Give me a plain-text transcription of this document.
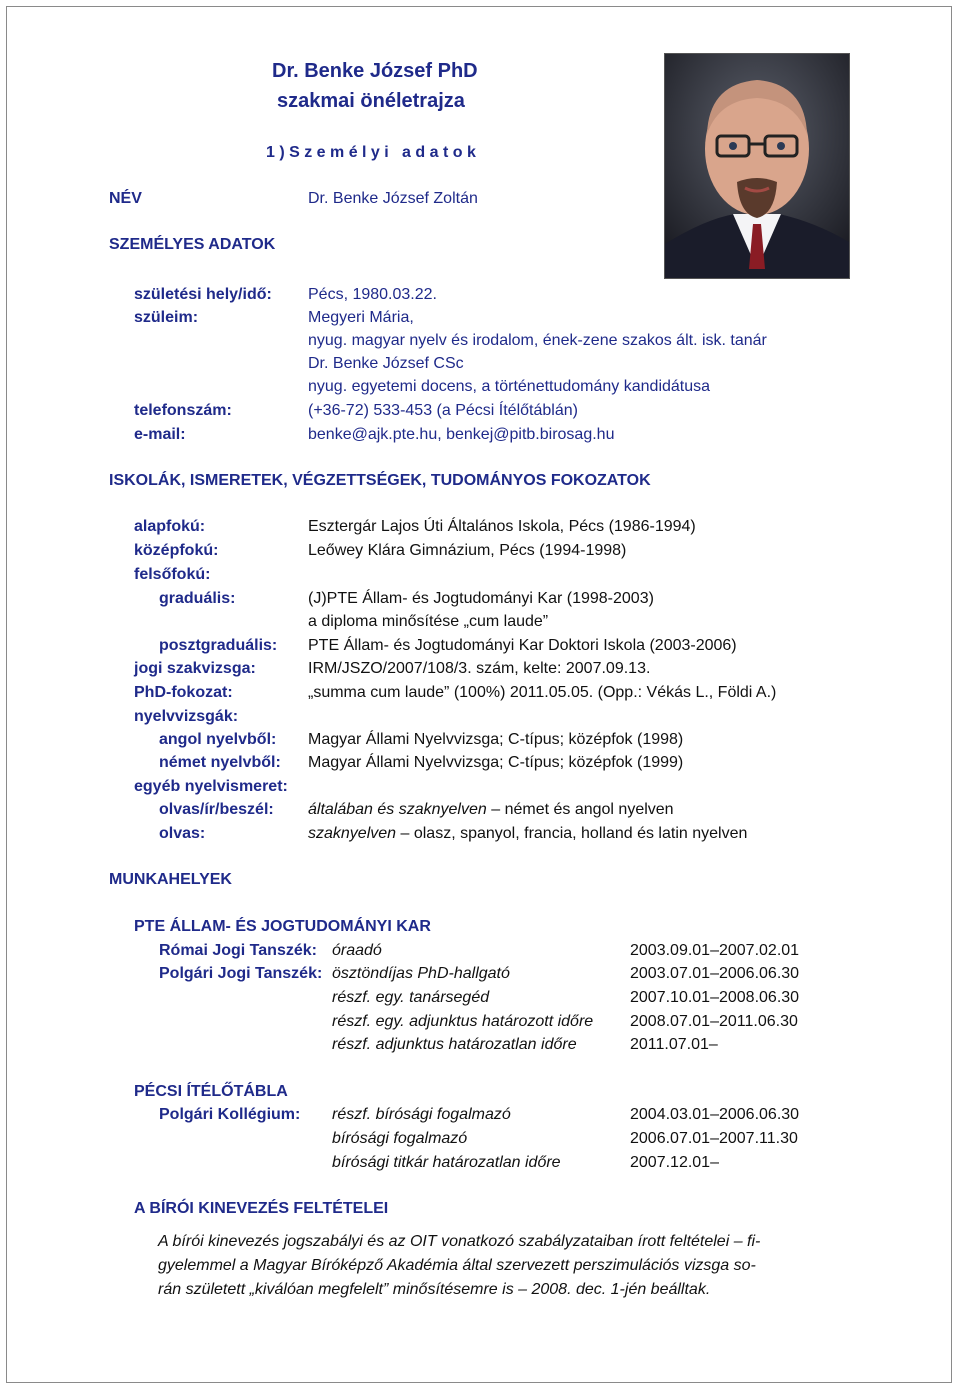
Dr. Benke József PhD
szakmai önéletrajza
1 ) S z e m é l y i   a d a t o k
NÉV	Dr. Benke József Zoltán
SZEMÉLYES ADATOK
születési hely/idő: Pécs, 1980.03.22.
szüleim:	Megyeri Mária,
nyug. magyar nyelv és irodalom, ének-zene szakos ált. isk. tanár
Dr. Benke József CSc
nyug. egyetemi docens, a történettudomány kandidátusa
telefonszám:	(+36-72) 533-453 (a Pécsi Ítélőtáblán)
e-mail:	benke@ajk.pte.hu, benkej@pitb.birosag.hu
ISKOLÁK, ISMERETEK, VÉGZETTSÉGEK, TUDOMÁNYOS FOKOZATOK
alapfokú:	Esztergár Lajos Úti Általános Iskola, Pécs (1986-1994)
középfokú:	Leőwey Klára Gimnázium, Pécs (1994-1998)
felsőfokú:
graduális:	(J)PTE Állam- és Jogtudományi Kar (1998-2003)
a diploma minősítése „cum laude”
posztgraduális: PTE Állam- és Jogtudományi Kar Doktori Iskola (2003-2006)
jogi szakvizsga:	IRM/JSZO/2007/108/3. szám, kelte: 2007.09.13.
PhD-fokozat:	„summa cum laude” (100%) 2011.05.05. (Opp.: Vékás L., Földi A.)
nyelvvizsgák:
angol nyelvből: Magyar Állami Nyelvvizsga; C-típus; középfok (1998)
német nyelvből: Magyar Állami Nyelvvizsga; C-típus; középfok (1999)
egyéb nyelvismeret:
olvas/ír/beszél: általában és szaknyelven – német és angol nyelven
olvas:	szaknyelven – olasz, spanyol, francia, holland és latin nyelven
MUNKAHELYEK
PTE ÁLLAM- ÉS JOGTUDOMÁNYI KAR
Római Jogi Tanszék: óraadó	2003.09.01–2007.02.01
Polgári Jogi Tanszék: ösztöndíjas PhD-hallgató	2003.07.01–2006.06.30
részf. egy. tanársegéd	2007.10.01–2008.06.30
részf. egy. adjunktus határozott időre 2008.07.01–2011.06.30
részf. adjunktus határozatlan időre	2011.07.01–
PÉCSI ÍTÉLŐTÁBLA
Polgári Kollégium: részf. bírósági fogalmazó	2004.03.01–2006.06.30
bírósági fogalmazó	2006.07.01–2007.11.30
bírósági titkár határozatlan időre	2007.12.01–
A BÍRÓI KINEVEZÉS FELTÉTELEI
A bírói kinevezés jogszabályi és az OIT vonatkozó szabályzataiban írott feltételei – fi-
gyelemmel a Magyar Bíróképző Akadémia által szervezett perszimulációs vizsga so-
rán született „kiválóan megfelelt” minősítésemre is – 2008. dec. 1-jén beálltak.
